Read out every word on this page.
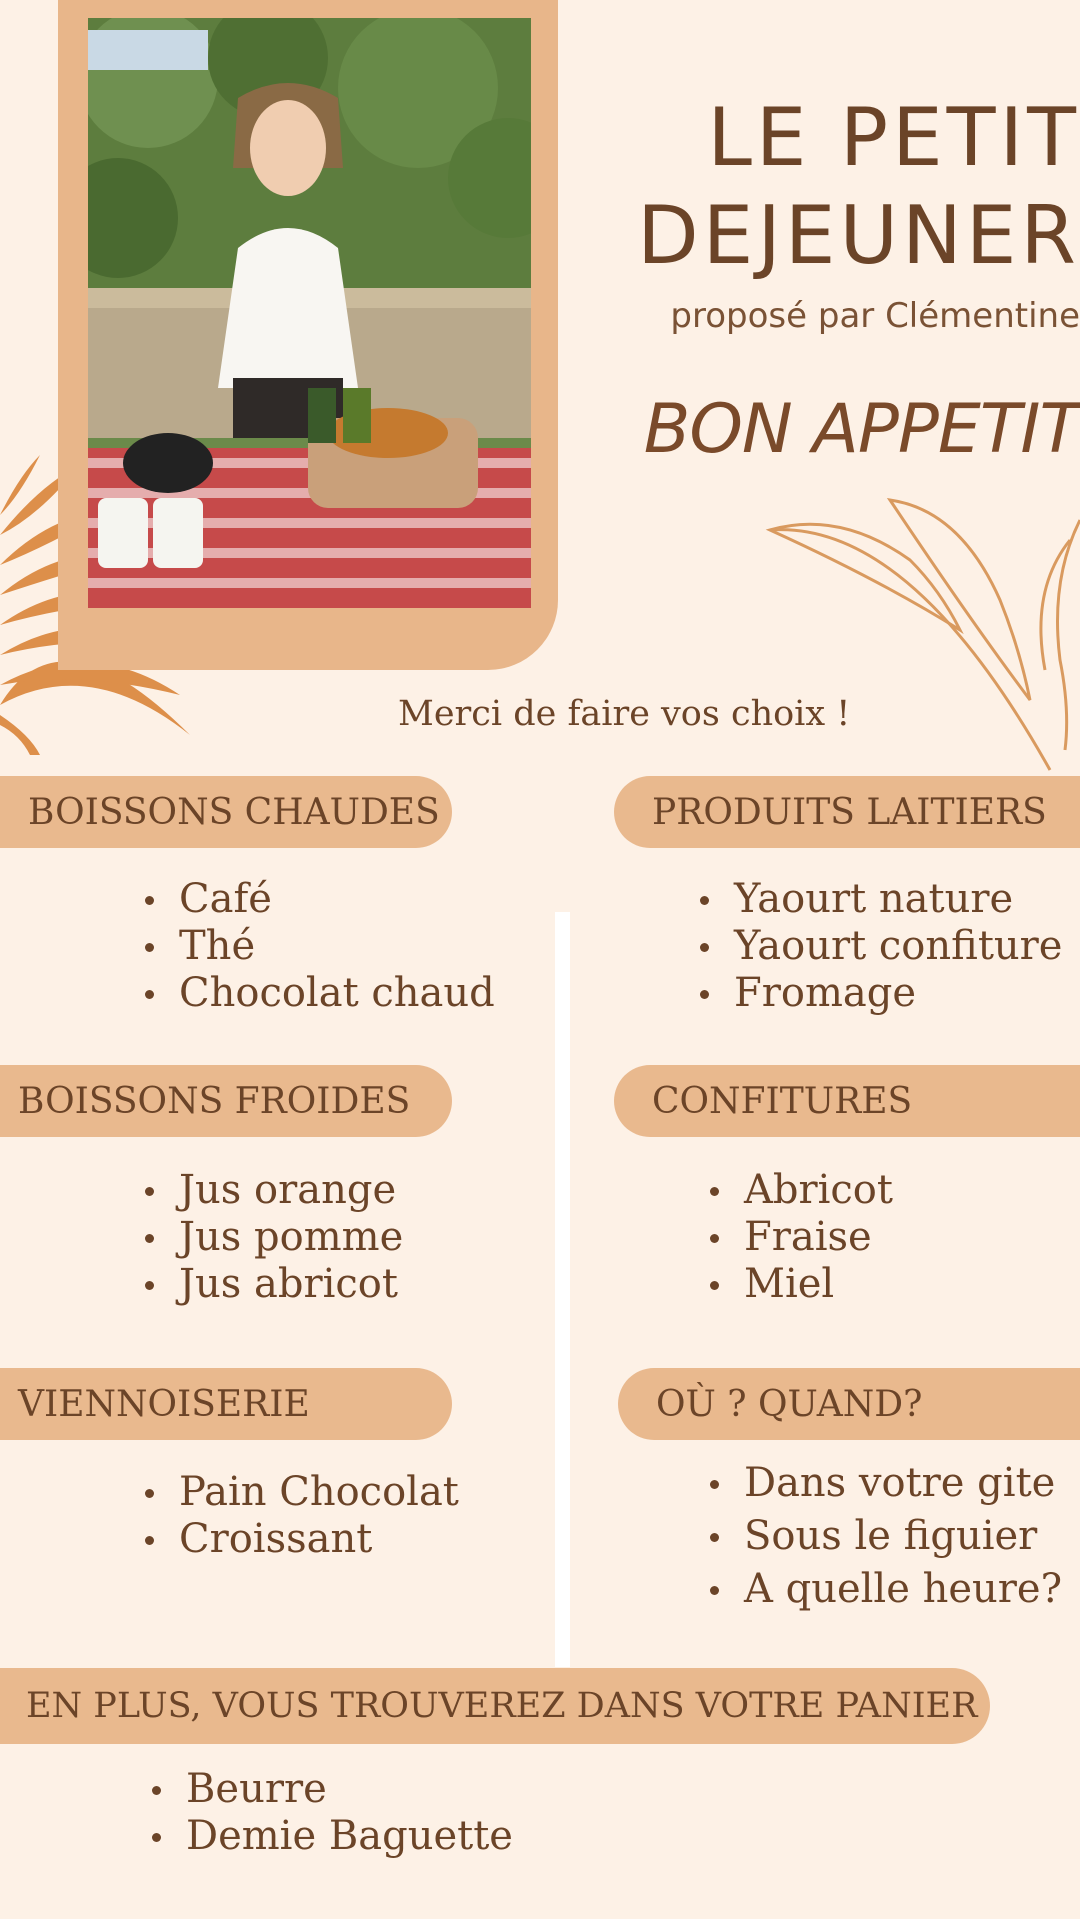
LE PETIT
DEJEUNER
proposé par Clémentine
BON APPETIT
Merci de faire vos choix !
BOISSONS CHAUDES
Café
Thé
Chocolat chaud
PRODUITS LAITIERS
Yaourt nature
Yaourt confiture
Fromage
BOISSONS FROIDES
Jus orange
Jus pomme
Jus abricot
CONFITURES
Abricot
Fraise
Miel
VIENNOISERIE
Pain Chocolat
Croissant
OÙ ? QUAND?
Dans votre gite
Sous le figuier
A quelle heure?
EN PLUS, VOUS TROUVEREZ DANS VOTRE PANIER
Beurre
Demie Baguette
